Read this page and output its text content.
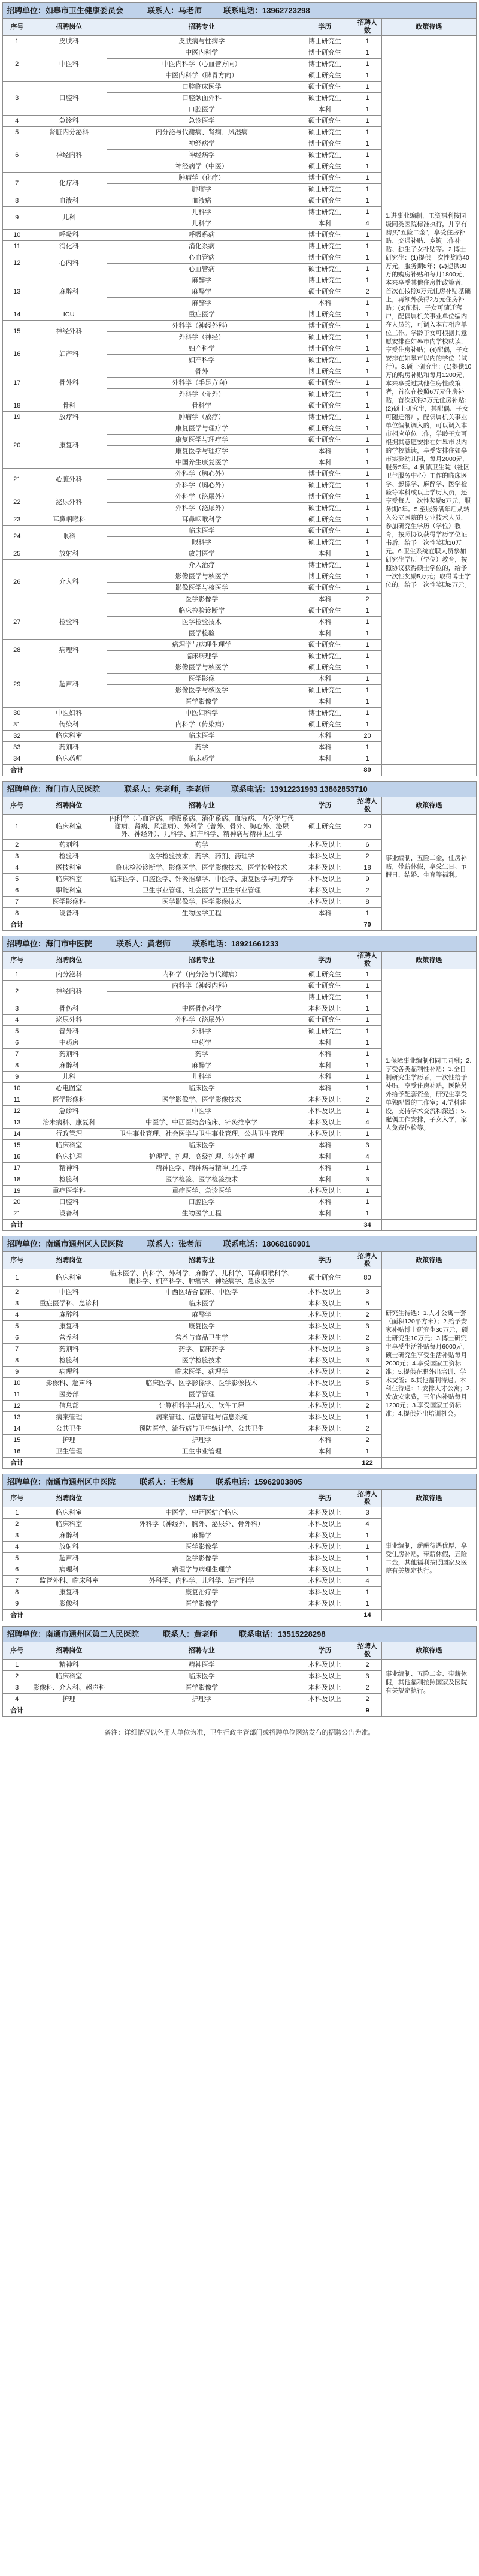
招聘单位：如皋市卫生健康委员会 联系人：马老师 联系电话：13962723298					
序号	招聘岗位	招聘专业	学历	招聘人数	政策待遇
1	皮肤科	皮肤病与性病学	博士研究生	1	1.进事业编制，工资福利按同级同类医院标准执行，并享有购买"五险二金"，享受住房补贴、交通补贴、乡镇工作补贴、独生子女补贴等。2.博士研究生：(1)提供一次性奖励40万元，服务期8年；(2)提供80万的购房补贴和每月1800元，本来享受其他住房性政策者，首次在按照6万元住房补贴基础上，再额外获得2万元住房补贴；(3)配偶、子女可随迁落户，配偶属机关事业单位编内在人员的，可调入本市相应单位工作。学龄子女可根据其意愿安排在如皋市内学校就读，享受住房补贴；(4)配偶，子女安排在如皋市以内的学位（试行）。3.硕士研究生：(1)提供10万的购房补贴和每月1200元，本来享受过其他住房性政策者，首次在按照6万元住房补贴，首次获得3万元住房补贴；(2)硕士研究生，其配偶、子女可随迁落户，配偶属机关事业单位编制调入的，可以调入本市相应单位工作，学龄子女可根据其意愿安排在如皋市以内的学校就读，享受安排住如皋市实验幼儿园，每月2000元，服务5年。4.到镇卫生院（社区卫生服务中心）工作的临床医学、影像学、麻醉学、医学检验等本科或以上学历人员，还享受每人一次性奖励8万元，服务期8年。5.至服务满年后从转入公立医院的专业技术人员，参加研究生学历（学位）教育，按照协议获得学历学位证书后，给予一次性奖励10万元。6.卫生系统在职人员参加研究生学历（学位）教育，按照协议获得硕士学位的，给予一次性奖励5万元；取得博士学位的，给予一次性奖励8万元。
2	中医科	中医内科学	博士研究生	1	
		中医内科学（心血管方向）	博士研究生	1	
		中医内科学（脾胃方向）	硕士研究生	1	
3	口腔科	口腔临床医学	硕士研究生	1	
		口腔颌面外科	硕士研究生	1	
		口腔医学	本科	1	
4	急诊科	急诊医学	硕士研究生	1	
5	肾脏内分泌科	内分泌与代谢病、肾病、风湿病	硕士研究生	1	
6	神经内科	神经病学	博士研究生	1	
		神经病学	硕士研究生	1	
		神经病学（中医）	硕士研究生	1	
7	化疗科	肿瘤学（化疗）	博士研究生	1	
		肿瘤学	硕士研究生	1	
8	血液科	血液病	硕士研究生	1	
9	儿科	儿科学	博士研究生	1	
		儿科学	本科	4	
10	呼吸科	呼吸系病	博士研究生	1	
11	消化科	消化系病	博士研究生	1	
12	心内科	心血管病	博士研究生	1	
		心血管病	硕士研究生	1	
13	麻醉科	麻醉学	博士研究生	1	
		麻醉学	硕士研究生	2	
		麻醉学	本科	1	
14	ICU	重症医学	博士研究生	1	
15	神经外科	外科学（神经外科）	博士研究生	1	
		外科学（神经）	硕士研究生	1	
16	妇产科	妇产科学	博士研究生	1	
		妇产科学	硕士研究生	1	
17	骨外科	骨外	博士研究生	1	
		外科学（手足方向）	硕士研究生	1	
		外科学（骨外）	硕士研究生	1	
18	骨科	骨科学	硕士研究生	1	
19	放疗科	肿瘤学（放疗）	博士研究生	1	
20	康复科	康复医学与理疗学	硕士研究生	1	
		康复医学与理疗学	硕士研究生	1	
		康复医学与理疗学	本科	1	
		中国养生康复医学	本科	1	
21	心脏外科	外科学（胸心外）	博士研究生	1	
		外科学（胸心外）	硕士研究生	1	
22	泌尿外科	外科学（泌尿外）	博士研究生	1	
		外科学（泌尿外）	硕士研究生	1	
23	耳鼻咽喉科	耳鼻咽喉科学	硕士研究生	1	
24	眼科	临床医学	硕士研究生	1	
		眼科学	硕士研究生	1	
25	放射科	放射医学	本科	1	
26	介入科	介入治疗	博士研究生	1	
		影像医学与核医学	博士研究生	1	
		影像医学与核医学	硕士研究生	1	
		医学影像学	本科	2	
27	检验科	临床检验诊断学	硕士研究生	1	
		医学检验技术	本科	1	
		医学检验	本科	1	
28	病理科	病理学与病理生理学	硕士研究生	1	
		临床病理学	硕士研究生	1	
29	超声科	影像医学与核医学	硕士研究生	1	
		医学影像	本科	1	
		影像医学与核医学	硕士研究生	1	
		医学影像学	本科	1	
30	中医妇科	中医妇科学	博士研究生	1	
31	传染科	内科学（传染病）	硕士研究生	1	
32	临床科室	临床医学	本科	20	
33	药剂科	药学	本科	1	
34	临床药师	临床药学	本科	1	
合计				80	
招聘单位：海门市人民医院 联系人：朱老师，李老师 联系电话：13912231993 13862853710					
序号	招聘岗位	招聘专业	学历	招聘人数	政策待遇
1	临床科室	内科学（心血管病、呼吸系病、消化系病、血液病、内分泌与代谢病、肾病、风湿病）、外科学（普外、骨外、胸心外、泌尿外、神经外）、儿科学、妇产科学、精神病与精神卫生学	硕士研究生	20	事业编制，五险二金，住房补贴，带薪休假，享受生日、节假日、结婚、生育等福利。
2	药剂科	药学	本科及以上	6	
3	检验科	医学检验技术、药学、药剂、药理学	本科及以上	2	
4	医技科室	临床检验诊断学、影像医学、医学影像技术、医学检验技术	本科及以上	18	
5	临床科室	临床医学、口腔医学、针灸推拿学、中医学、康复医学与理疗学	本科及以上	9	
6	职能科室	卫生事业管理、社会医学与卫生事业管理	本科及以上	2	
7	医学影像科	医学影像学、医学影像技术	本科及以上	8	
8	设备科	生物医学工程	本科	1	
合计				70	
招聘单位：海门市中医院 联系人：黄老师 联系电话：18921661233					
序号	招聘岗位	招聘专业	学历	招聘人数	政策待遇
1	内分泌科	内科学（内分泌与代谢病）	硕士研究生	1	1.保障事业编制和同工同酬；2.享受各类福利性补贴；3.全日制研究生学历者，一次性给予补贴，享受住房补贴，医院另外给予配套资金，研究生享受单独配置的工作室；4.学科建设，支持学术交流和深造；5.配偶工作安排，子女入学，家人免费体检等。
2	神经内科	内科学（神经内科）	硕士研究生	1	
			博士研究生	1	
3	骨伤科	中医骨伤科学	本科及以上	1	
4	泌尿外科	外科学（泌尿外）	硕士研究生	1	
5	普外科	外科学	硕士研究生	1	
6	中药房	中药学	本科	1	
7	药剂科	药学	本科	1	
8	麻醉科	麻醉学	本科	1	
9	儿科	儿科学	本科	1	
10	心电图室	临床医学	本科	1	
11	医学影像科	医学影像学、医学影像技术	本科及以上	2	
12	急诊科	中医学	本科及以上	1	
13	治未病科、康复科	中医学、中西医结合临床、针灸推拿学	本科及以上	4	
14	行政管理	卫生事业管理、社会医学与卫生事业管理、公共卫生管理	本科及以上	1	
15	临床科室	临床医学	本科	3	
16	临床护理	护理学、护理、高级护理、涉外护理	本科	4	
17	精神科	精神医学、精神病与精神卫生学	本科	1	
18	检验科	医学检验、医学检验技术	本科	3	
19	重症医学科	重症医学、急诊医学	本科及以上	1	
20	口腔科	口腔医学	本科	1	
21	设备科	生物医学工程	本科	1	
合计				34	
招聘单位：南通市通州区人民医院 联系人：张老师 联系电话：18068160901					
序号	招聘岗位	招聘专业	学历	招聘人数	政策待遇
1	临床科室	临床医学、内科学、外科学、麻醉学、儿科学、耳鼻咽喉科学、眼科学、妇产科学、肿瘤学、神经病学、急诊医学	硕士研究生	80	研究生待遇：1.人才公寓一套（面积120平方米）；2.给予安家补贴博士研究生30万元，硕士研究生10万元；3.博士研究生享受生活补贴每月6000元，硕士研究生享受生活补贴每月2000元；4.享受国家工资标准；5.提供在职外出培训、学术交流；6.其他福利待遇。本科生待遇：1.安排人才公寓；2.发放安家费，三年内补贴每月1200元；3.享受国家工资标准；4.提供外出培训机会。
2	中医科	中西医结合临床、中医学	本科及以上	3	
3	重症医学科、急诊科	临床医学	本科及以上	5	
4	麻醉科	麻醉学	本科及以上	2	
5	康复科	康复医学	本科及以上	3	
6	营养科	营养与食品卫生学	本科及以上	2	
7	药剂科	药学、临床药学	本科及以上	8	
8	检验科	医学检验技术	本科及以上	3	
9	病理科	临床医学、病理学	本科及以上	2	
10	影像科、超声科	临床医学、医学影像学、医学影像技术	本科及以上	5	
11	医务部	医学管理	本科及以上	1	
12	信息部	计算机科学与技术、软件工程	本科及以上	2	
13	病案管理	病案管理、信息管理与信息系统	本科及以上	1	
14	公共卫生	预防医学、流行病与卫生统计学、公共卫生	本科及以上	2	
15	护理	护理学	本科	2	
16	卫生管理	卫生事业管理	本科	1	
合计				122	
招聘单位：南通市通州区中医院 联系人：王老师 联系电话：15962903805					
序号	招聘岗位	招聘专业	学历	招聘人数	政策待遇
1	临床科室	中医学、中西医结合临床	本科及以上	3	事业编制，薪酬待遇优厚，享受住房补贴，带薪休假，五险二金，其他福利按照国家及医院有关规定执行。
2	临床科室	外科学（神经外、胸外、泌尿外、骨外科）	本科及以上	4	
3	麻醉科	麻醉学	本科及以上	1	
4	放射科	医学影像学	本科及以上	1	
5	超声科	医学影像学	本科及以上	1	
6	病理科	病理学与病理生理学	本科及以上	1	
7	监管外科、临床科室	外科学、内科学、儿科学、妇产科学	本科及以上	4	
8	康复科	康复治疗学	本科及以上	1	
9	影像科	医学影像学	本科及以上	1	
合计				14	
招聘单位：南通市通州区第二人民医院 联系人：黄老师 联系电话：13515228298					
序号	招聘岗位	招聘专业	学历	招聘人数	政策待遇
1	精神科	精神医学	本科及以上	2	事业编制、五险二金、带薪休假，其他福利按照国家及医院有关规定执行。
2	临床科室	临床医学	本科及以上	3	
3	影像科、介入科、超声科	医学影像学	本科及以上	2	
4	护理	护理学	本科及以上	2	
合计				9	
备注：详细情况以各用人单位为准，卫生行政主管部门或招聘单位网站发布的招聘公告为准。
